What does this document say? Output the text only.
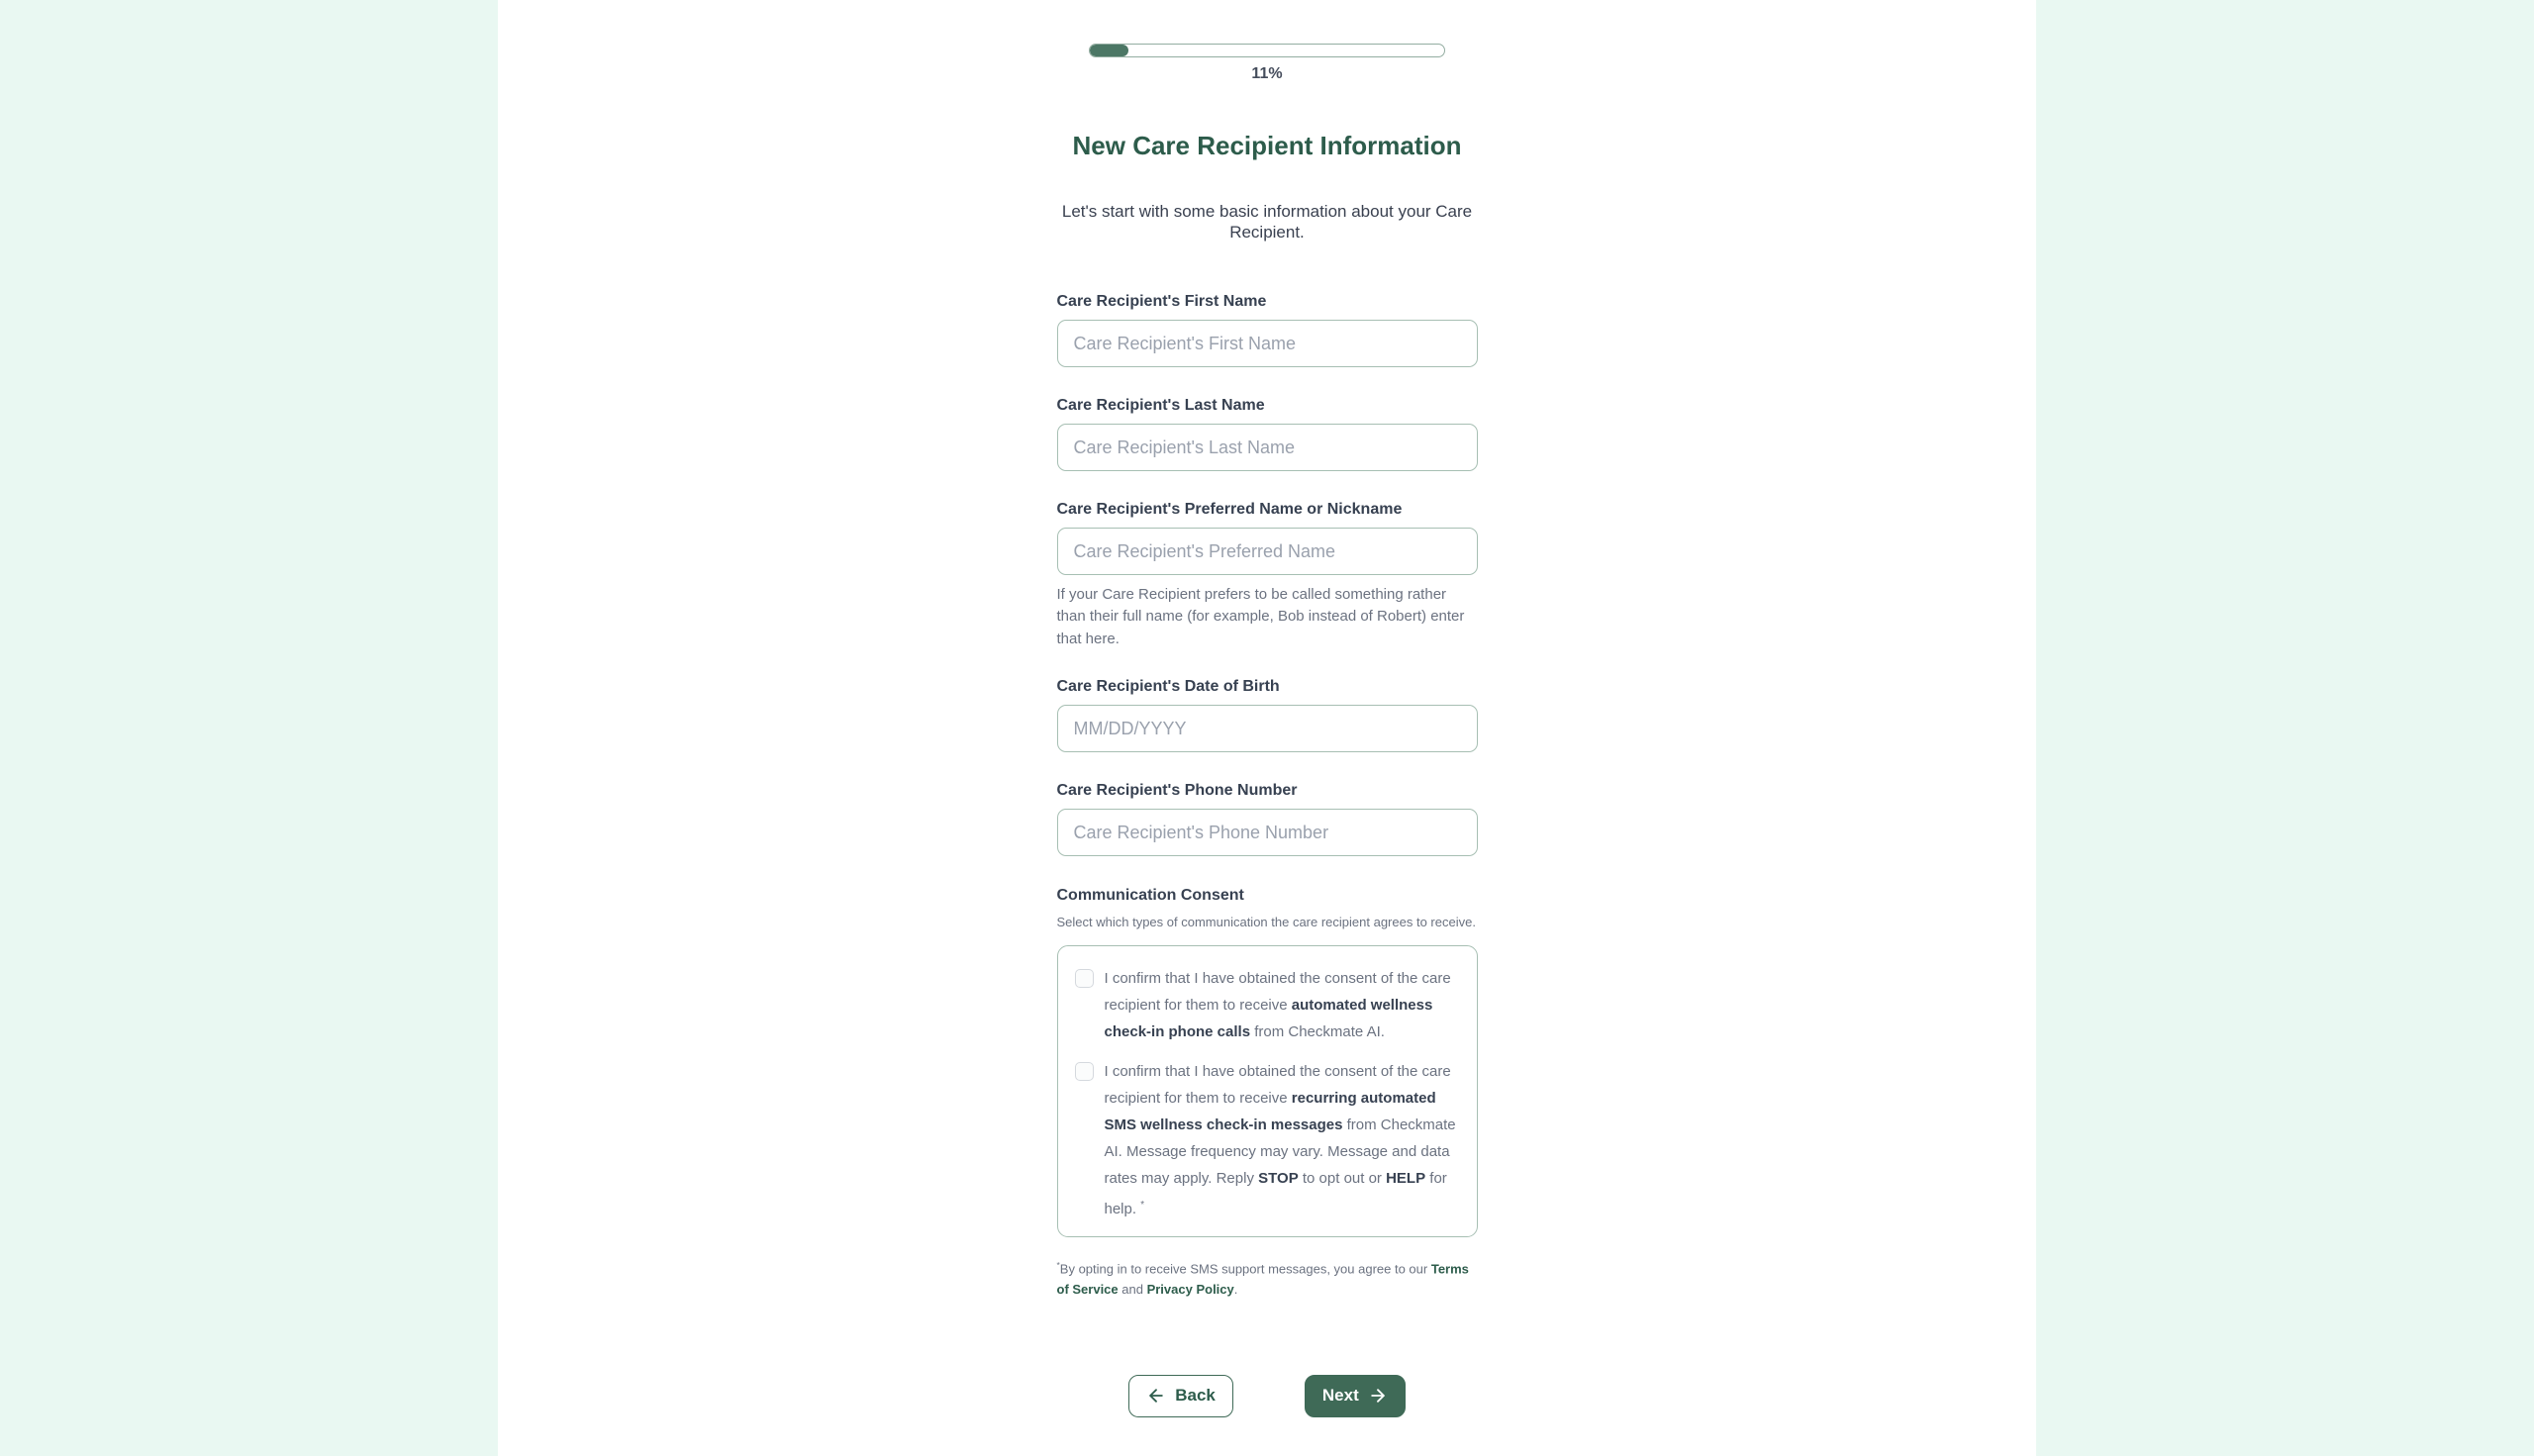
11%
New Care Recipient Information

Let's start with some basic information about your Care Recipient.

Care Recipient's First Name
Care Recipient's First Name
Care Recipient's Last Name
Care Recipient's Last Name
Care Recipient's Preferred Name or Nickname
Care Recipient's Preferred Name

If your Care Recipient prefers to be called something rather than their full name (for example, Bob instead of Robert) enter that here.

Care Recipient's Date of Birth
MM/DD/YYYY
Care Recipient's Phone Number
Care Recipient's Phone Number
Communication Consent

Select which types of communication the care recipient agrees to receive.

I confirm that I have obtained the consent of the care recipient for them to receive automated wellness check-in phone calls from Checkmate AI.
I confirm that I have obtained the consent of the care recipient for them to receive recurring automated SMS wellness check-in messages from Checkmate AI. Message frequency may vary. Message and data rates may apply. Reply STOP to opt out or HELP for help. *

*By opting in to receive SMS support messages, you agree to our Terms of Service and Privacy Policy.

Back	Next
